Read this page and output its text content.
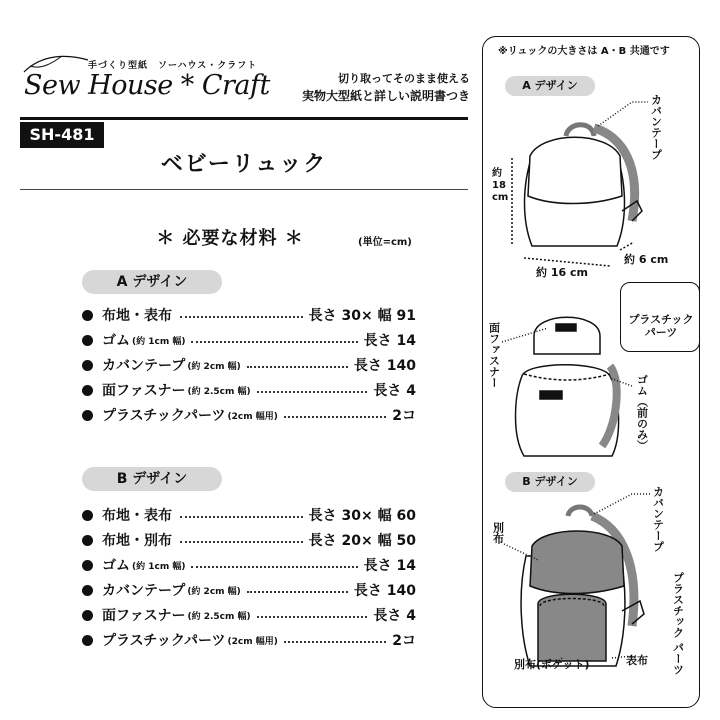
手づくり型紙　ソーハウス・クラフト
Sew House * Craft	切り取ってそのまま使える
実物大型紙と詳しい説明書つき
SH-481
ベビーリュック
＊ 必要な材料 ＊	(単位=cm)
A デザイン
布地・表布	長さ 30× 幅 91
ゴム (約 1cm 幅)	長さ 14
カバンテープ (約 2cm 幅)	長さ 140
面ファスナー (約 2.5cm 幅)	長さ 4
プラスチックパーツ (2cm 幅用)	2コ
B デザイン
布地・表布	長さ 30× 幅 60
布地・別布	長さ 20× 幅 50
ゴム (約 1cm 幅)	長さ 14
カバンテープ (約 2cm 幅)	長さ 140
面ファスナー (約 2.5cm 幅)	長さ 4
プラスチックパーツ (2cm 幅用)	2コ
※リュックの大きさは A・B 共通です
A デザイン
カバンテープ
約 18 cm
約 16 cm
約 6 cm
プラスチック パーツ
面ファスナー
ゴム（前のみ）
B デザイン
カバンテープ
別布
プラスチック パーツ
別布(ポケット)	表布
